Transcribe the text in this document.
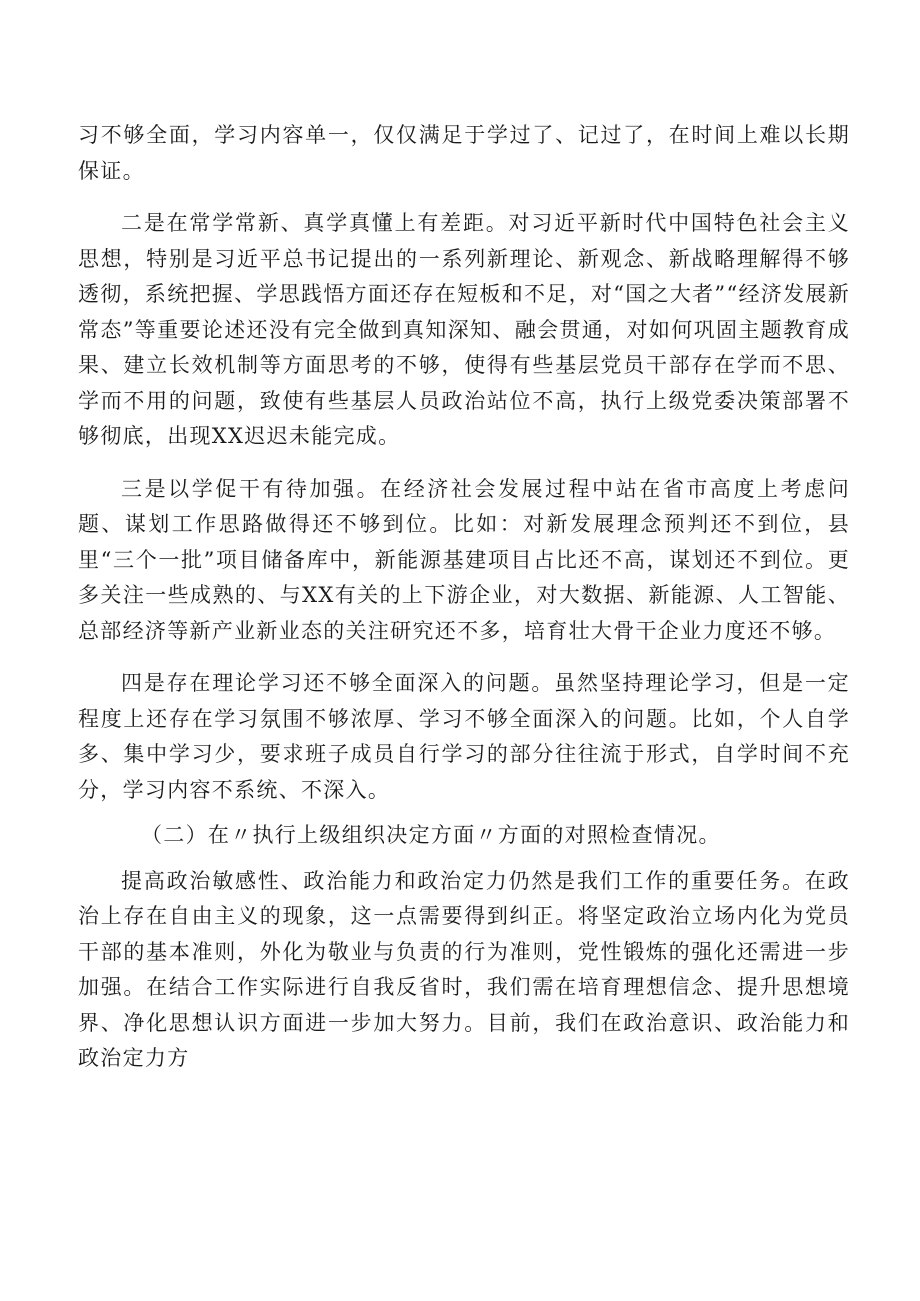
习不够全面，学习内容单一，仅仅满足于学过了、记过了，在时间上难以长期保证。

二是在常学常新、真学真懂上有差距。对习近平新时代中国特色社会主义思想，特别是习近平总书记提出的一系列新理论、新观念、新战略理解得不够透彻，系统把握、学思践悟方面还存在短板和不足，对“国之大者”“经济发展新常态”等重要论述还没有完全做到真知深知、融会贯通，对如何巩固主题教育成果、建立长效机制等方面思考的不够，使得有些基层党员干部存在学而不思、学而不用的问题，致使有些基层人员政治站位不高，执行上级党委决策部署不够彻底，出现XX迟迟未能完成。

三是以学促干有待加强。在经济社会发展过程中站在省市高度上考虑问题、谋划工作思路做得还不够到位。比如：对新发展理念预判还不到位，县里“三个一批”项目储备库中，新能源基建项目占比还不高，谋划还不到位。更多关注一些成熟的、与XX有关的上下游企业，对大数据、新能源、人工智能、总部经济等新产业新业态的关注研究还不多，培育壮大骨干企业力度还不够。

四是存在理论学习还不够全面深入的问题。虽然坚持理论学习，但是一定程度上还存在学习氛围不够浓厚、学习不够全面深入的问题。比如，个人自学多、集中学习少，要求班子成员自行学习的部分往往流于形式，自学时间不充分，学习内容不系统、不深入。

（二）在〃执行上级组织决定方面〃方面的对照检查情况。

提高政治敏感性、政治能力和政治定力仍然是我们工作的重要任务。在政治上存在自由主义的现象，这一点需要得到纠正。将坚定政治立场内化为党员干部的基本准则，外化为敬业与负责的行为准则，党性锻炼的强化还需进一步加强。在结合工作实际进行自我反省时，我们需在培育理想信念、提升思想境界、净化思想认识方面进一步加大努力。目前，我们在政治意识、政治能力和政治定力方
